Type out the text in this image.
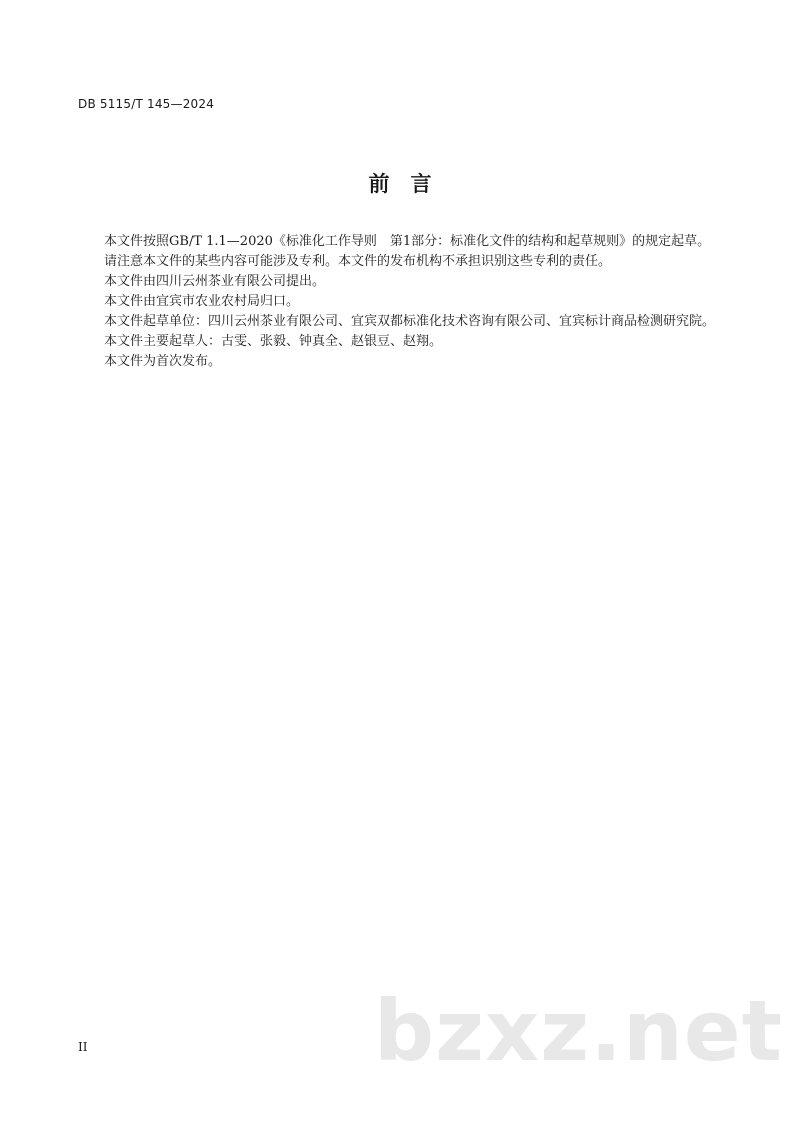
DB 5115/T 145—2024
前　言

本文件按照GB/T 1.1—2020《标准化工作导则　第1部分：标准化文件的结构和起草规则》的规定起草。

请注意本文件的某些内容可能涉及专利。本文件的发布机构不承担识别这些专利的责任。

本文件由四川云州茶业有限公司提出。

本文件由宜宾市农业农村局归口。

本文件起草单位：四川云州茶业有限公司、宜宾双都标准化技术咨询有限公司、宜宾标计商品检测研究院。

本文件主要起草人：古雯、张毅、钟真全、赵银豆、赵翔。

本文件为首次发布。

II	bzxz.net
